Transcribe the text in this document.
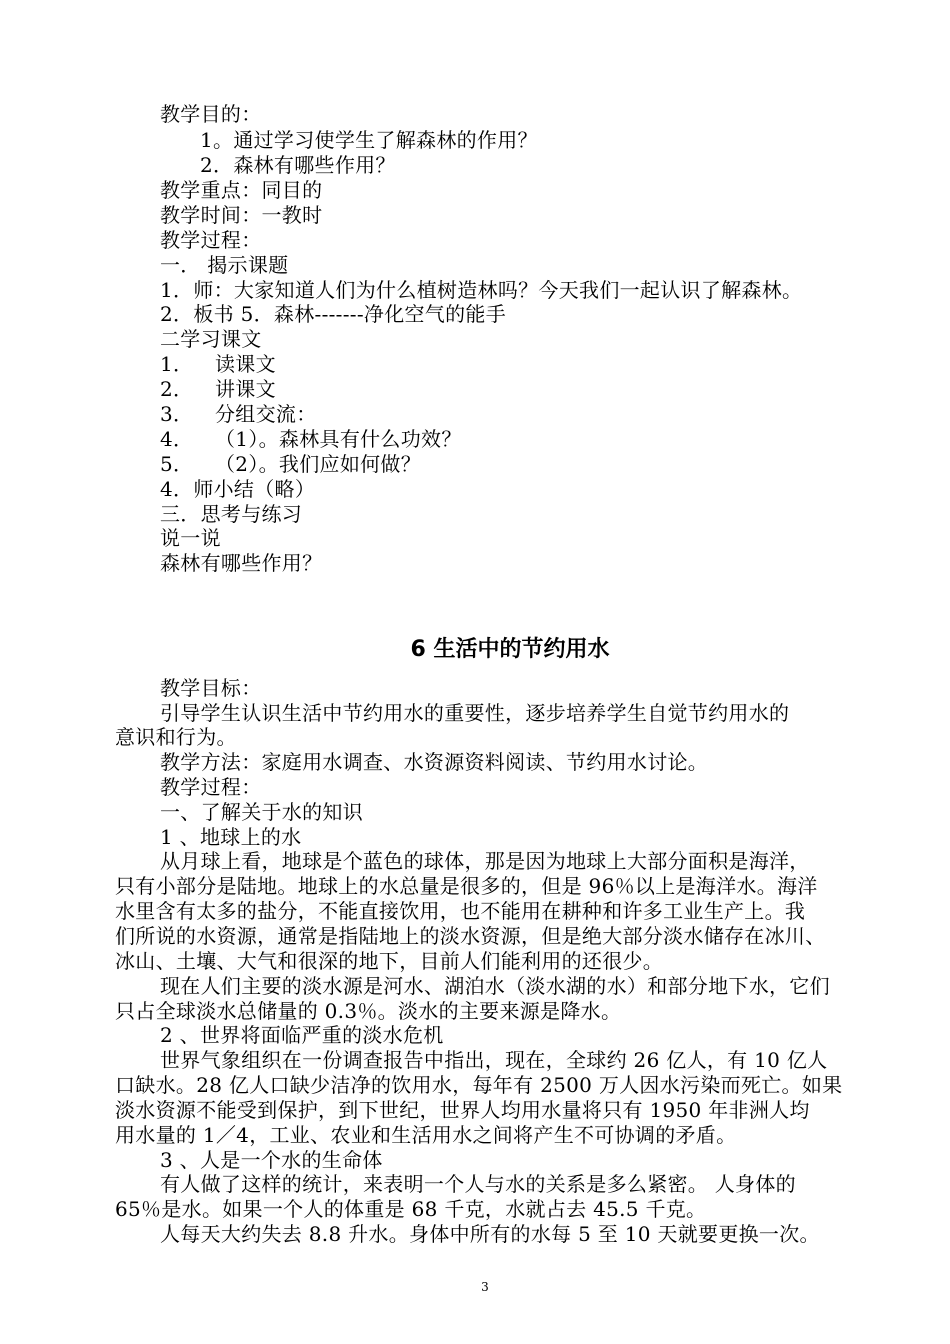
教学目的：
1。通过学习使学生了解森林的作用？
2．森林有哪些作用？
教学重点：同目的
教学时间：一教时
教学过程：
一． 揭示课题
1．师：大家知道人们为什么植树造林吗？今天我们一起认识了解森林。
2．板书 5．森林-------净化空气的能手
二学习课文
1． 读课文
2． 讲课文
3． 分组交流：
4． （1）。森林具有什么功效？
5． （2）。我们应如何做？
4．师小结（略）
三．思考与练习
说一说
森林有哪些作用？
6 生活中的节约用水
教学目标：
引导学生认识生活中节约用水的重要性，逐步培养学生自觉节约用水的
意识和行为。
教学方法：家庭用水调查、水资源资料阅读、节约用水讨论。
教学过程：
一、了解关于水的知识
1 、地球上的水
从月球上看，地球是个蓝色的球体，那是因为地球上大部分面积是海洋，
只有小部分是陆地。地球上的水总量是很多的，但是 96％以上是海洋水。海洋
水里含有太多的盐分，不能直接饮用，也不能用在耕种和许多工业生产上。我
们所说的水资源，通常是指陆地上的淡水资源，但是绝大部分淡水储存在冰川、
冰山、土壤、大气和很深的地下，目前人们能利用的还很少。
现在人们主要的淡水源是河水、湖泊水（淡水湖的水）和部分地下水，它们
只占全球淡水总储量的 0.3％。淡水的主要来源是降水。
2 、世界将面临严重的淡水危机
世界气象组织在一份调查报告中指出，现在，全球约 26 亿人，有 10 亿人
口缺水。28 亿人口缺少洁净的饮用水，每年有 2500 万人因水污染而死亡。如果
淡水资源不能受到保护，到下世纪，世界人均用水量将只有 1950 年非洲人均
用水量的 1／4，工业、农业和生活用水之间将产生不可协调的矛盾。
3 、人是一个水的生命体
有人做了这样的统计，来表明一个人与水的关系是多么紧密。 人身体的
65％是水。如果一个人的体重是 68 千克，水就占去 45.5 千克。
人每天大约失去 8.8 升水。身体中所有的水每 5 至 10 天就要更换一次。
3
